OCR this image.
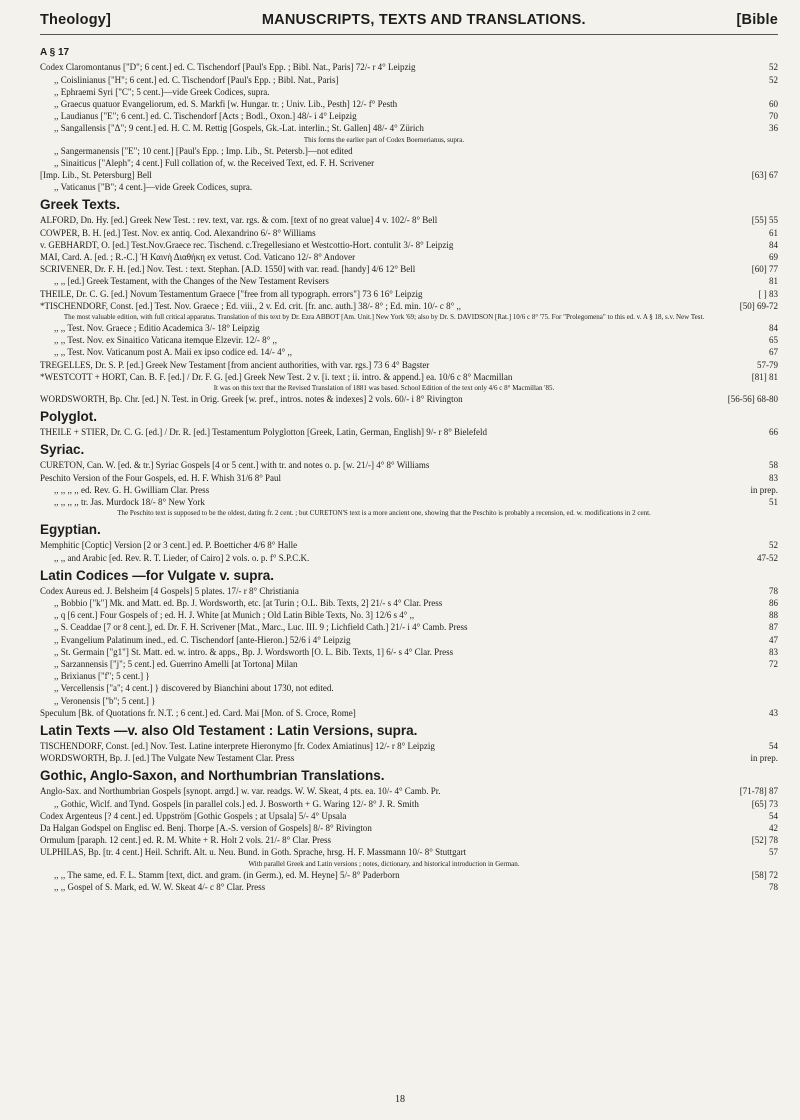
Theology]	MANUSCRIPTS, TEXTS AND TRANSLATIONS.	[Bible
A § 17
Codex Claromontanus ["D"; 6 cent.] ed. C. Tischendorf [Paul's Epp. ; Bibl. Nat., Paris] 72/- r 4° Leipzig	52
,, Coislinianus ["H"; 6 cent.] ed. C. Tischendorf [Paul's Epp. ; Bibl. Nat., Paris]	52
,, Ephraemi Syri ["C"; 5 cent.]—vide Greek Codices, supra.
,, Graecus quatuor Evangeliorum, ed. S. Markfi [w. Hungar. tr. ; Univ. Lib., Pesth] 12/- f° Pesth	60
,, Laudianus ["E"; 6 cent.] ed. C. Tischendorf [Acts ; Bodl., Oxon.] 48/- i 4° Leipzig	70
,, Sangallensis ["Δ"; 9 cent.] ed. H. C. M. Rettig [Gospels, Gk.-Lat. interlin.; St. Gallen] 48/- 4° Zürich	36
This forms the earlier part of Codex Boernerianus, supra.
,, Sangermanensis ["E"; 10 cent.] [Paul's Epp. ; Imp. Lib., St. Petersb.]—not edited
,, Sinaiticus ["Aleph"; 4 cent.] Full collation of, w. the Received Text, ed. F. H. Scrivener
[Imp. Lib., St. Petersburg] Bell	[63] 67
,, Vaticanus ["B"; 4 cent.]—vide Greek Codices, supra.
Greek Texts.
ALFORD, Dn. Hy. [ed.] Greek New Test. : rev. text, var. rgs. & com. [text of no great value] 4 v. 102/- 8° Bell	[55] 55
COWPER, B. H. [ed.] Test. Nov. ex antiq. Cod. Alexandrino 6/- 8° Williams	61
v. GEBHARDT, O. [ed.] Test.Nov.Graece rec. Tischend. c.Tregellesiano et Westcottio-Hort. contulit 3/- 8° Leipzig	84
MAI, Card. A. [ed. ; R.-C.] Ἡ Καινὴ Διαθήκη ex vetust. Cod. Vaticano 12/- 8° Andover	69
SCRIVENER, Dr. F. H. [ed.] Nov. Test. : text. Stephan. [A.D. 1550] with var. read. [handy] 4/6 12° Bell	[60] 77
,, ,, [ed.] Greek Testament, with the Changes of the New Testament Revisers	81
THEILE, Dr. C. G. [ed.] Novum Testamentum Graece ["free from all typograph. errors"] 73 6 16° Leipzig	[ ] 83
*TISCHENDORF, Const. [ed.] Test. Nov. Graece ; Ed. viii., 2 v. Ed. crit. [fr. anc. auth.] 38/- 8° ; Ed. min. 10/- c 8° ,,	[50] 69-72
The most valuable edition, with full critical apparatus. Translation of this text by Dr. Ezra ABBOT [Am. Unit.] New York '69; also by Dr. S. DAVIDSON [Rat.] 10/6 c 8° '75. For "Prolegomena" to this ed. v. A § 18, s.v. New Test.
,, ,, Test. Nov. Graece ; Editio Academica 3/- 18° Leipzig	84
,, ,, Test. Nov. ex Sinaitico Vaticana itemque Elzevir. 12/- 8° ,,	65
,, ,, Test. Nov. Vaticanum post A. Maii ex ipso codice ed. 14/- 4° ,,	67
TREGELLES, Dr. S. P. [ed.] Greek New Testament [from ancient authorities, with var. rgs.] 73 6 4° Bagster	57-79
*WESTCOTT + HORT, Can. B. F. [ed.] / Dr. F. G. [ed.] Greek New Test. 2 v. [i. text ; ii. intro. & append.] ea. 10/6 c 8° Macmillan	[81] 81
It was on this text that the Revised Translation of 1881 was based. School Edition of the text only 4/6 c 8° Macmillan '85.
WORDSWORTH, Bp. Chr. [ed.] N. Test. in Orig. Greek [w. pref., intros. notes & indexes] 2 vols. 60/- i 8° Rivington	[56-56] 68-80
Polyglot.
THEILE + STIER, Dr. C. G. [ed.] / Dr. R. [ed.] Testamentum Polyglotton [Greek, Latin, German, English] 9/- r 8° Bielefeld	66
Syriac.
CURETON, Can. W. [ed. & tr.] Syriac Gospels [4 or 5 cent.] with tr. and notes o. p. [w. 21/-] 4° 8° Williams	58
Peschito Version of the Four Gospels, ed. H. F. Whish 31/6 8° Paul	83
,, ,, ,, ,, ed. Rev. G. H. Gwilliam Clar. Press	in prep.
,, ,, ,, ,, tr. Jas. Murdock 18/- 8° New York	51
The Peschito text is supposed to be the oldest, dating fr. 2 cent. ; but CURETON'S text is a more ancient one, showing that the Peschito is probably a recension, ed. w. modifications in 2 cent.
Egyptian.
Memphitic [Coptic] Version [2 or 3 cent.] ed. P. Boetticher 4/6 8° Halle	52
,, ,, and Arabic [ed. Rev. R. T. Lieder, of Cairo] 2 vols. o. p. f° S.P.C.K.	47-52
Latin Codices —for Vulgate v. supra.
Codex Aureus ed. J. Belsheim [4 Gospels] 5 plates. 17/- r 8° Christiania	78
,, Bobbio ["k"] Mk. and Matt. ed. Bp. J. Wordsworth, etc. [at Turin ; O.L. Bib. Texts, 2] 21/- s 4° Clar. Press	86
,, q [6 cent.] Four Gospels of ; ed. H. J. White [at Munich ; Old Latin Bible Texts, No. 3] 12/6 s 4° ,,	88
,, S. Ceaddae [7 or 8 cent.], ed. Dr. F. H. Scrivener [Mat., Marc., Luc. III. 9 ; Lichfield Cath.] 21/- i 4° Camb. Press	87
,, Evangelium Palatinum ined., ed. C. Tischendorf [ante-Hieron.] 52/6 i 4° Leipzig	47
,, St. Germain ["g1"] St. Matt. ed. w. intro. & apps., Bp. J. Wordsworth [O. L. Bib. Texts, 1] 6/- s 4° Clar. Press	83
,, Sarzannensis ["j"; 5 cent.] ed. Guerrino Amelli [at Tortona] Milan	72
,, Brixianus ["f"; 5 cent.] }
,, Vercellensis ["a"; 4 cent.] } discovered by Bianchini about 1730, not edited.
,, Veronensis ["b"; 5 cent.] }
Speculum [Bk. of Quotations fr. N.T. ; 6 cent.] ed. Card. Mai [Mon. of S. Croce, Rome]	43
Latin Texts —v. also Old Testament : Latin Versions, supra.
TISCHENDORF, Const. [ed.] Nov. Test. Latine interprete Hieronymo [fr. Codex Amiatinus] 12/- r 8° Leipzig	54
WORDSWORTH, Bp. J. [ed.] The Vulgate New Testament Clar. Press	in prep.
Gothic, Anglo-Saxon, and Northumbrian Translations.
Anglo-Sax. and Northumbrian Gospels [synopt. arrgd.] w. var. readgs. W. W. Skeat, 4 pts. ea. 10/- 4° Camb. Pr.	[71-78] 87
,, Gothic, Wiclf. and Tynd. Gospels [in parallel cols.] ed. J. Bosworth + G. Waring 12/- 8° J. R. Smith	[65] 73
Codex Argenteus [? 4 cent.] ed. Uppström [Gothic Gospels ; at Upsala] 5/- 4° Upsala	54
Da Halgan Godspel on Englisc ed. Benj. Thorpe [A.-S. version of Gospels] 8/- 8° Rivington	42
Ormulum [paraph. 12 cent.] ed. R. M. White + R. Holt 2 vols. 21/- 8° Clar. Press	[52] 78
ULPHILAS, Bp. [tr. 4 cent.] Heil. Schrift. Alt. u. Neu. Bund. in Goth. Sprache, hrsg. H. F. Massmann 10/- 8° Stuttgart	57
With parallel Greek and Latin versions ; notes, dictionary, and historical introduction in German.
,, ,, The same, ed. F. L. Stamm [text, dict. and gram. (in Germ.), ed. M. Heyne] 5/- 8° Paderborn	[58] 72
,, ,, Gospel of S. Mark, ed. W. W. Skeat 4/- c 8° Clar. Press	78
18
